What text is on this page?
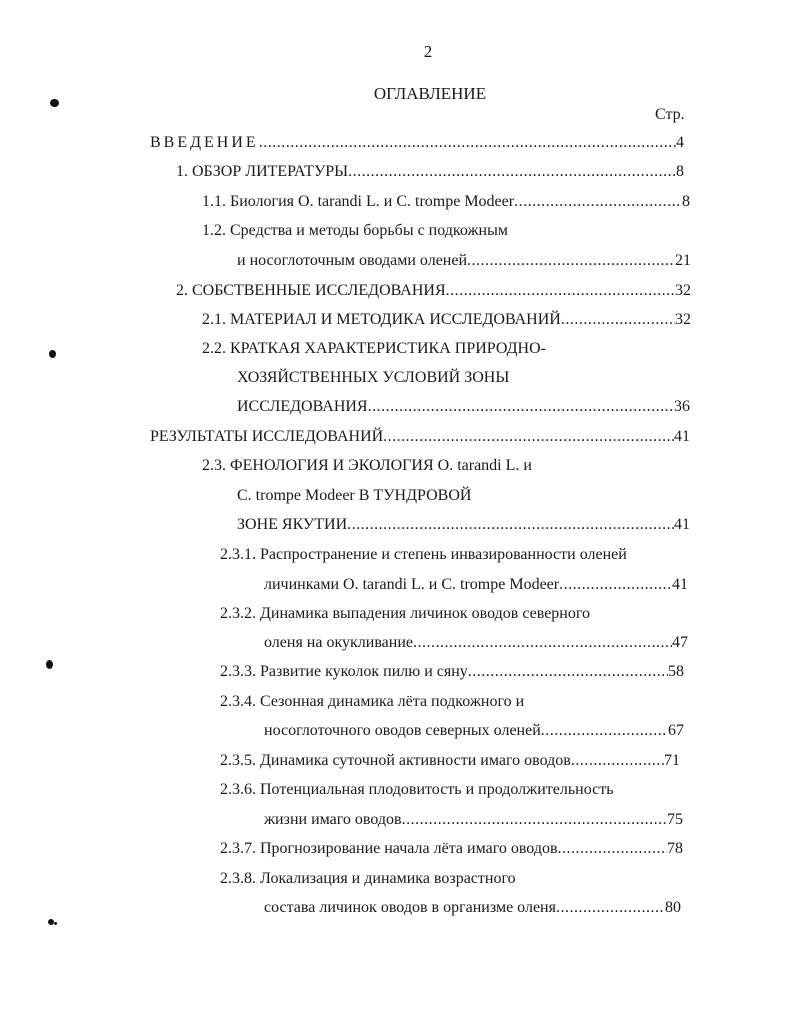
2
ОГЛАВЛЕНИЕ
Стр.
ВВЕДЕНИЕ .....	4
1. ОБЗОР ЛИТЕРАТУРЫ .....	8
1.1. Биология O. tarandi L. и C. trompe Modeer .....	8
1.2. Средства и методы борьбы с подкожным
и носоглоточным оводами оленей .....	21
2. СОБСТВЕННЫЕ ИССЛЕДОВАНИЯ .....	32
2.1. МАТЕРИАЛ И МЕТОДИКА ИССЛЕДОВАНИЙ .....	32
2.2. КРАТКАЯ ХАРАКТЕРИСТИКА ПРИРОДНО-
ХОЗЯЙСТВЕННЫХ УСЛОВИЙ ЗОНЫ
ИССЛЕДОВАНИЯ .....	36
РЕЗУЛЬТАТЫ ИССЛЕДОВАНИЙ .....	41
2.3. ФЕНОЛОГИЯ И ЭКОЛОГИЯ O. tarandi L. и
C. trompe Modeer В ТУНДРОВОЙ
ЗОНЕ ЯКУТИИ .....	41
2.3.1. Распространение и степень инвазированности оленей
личинками O. tarandi L. и C. trompe Modeer .....	41
2.3.2. Динамика выпадения личинок оводов северного
оленя на окукливание .....	47
2.3.3. Развитие куколок пилю и сяну .....	58
2.3.4. Сезонная динамика лёта подкожного и
носоглоточного оводов северных оленей .....	67
2.3.5. Динамика суточной активности имаго оводов .....	71
2.3.6. Потенциальная плодовитость и продолжительность
жизни имаго оводов .....	75
2.3.7. Прогнозирование начала лёта имаго оводов .....	78
2.3.8. Локализация и динамика возрастного
состава личинок оводов в организме оленя .....	80
